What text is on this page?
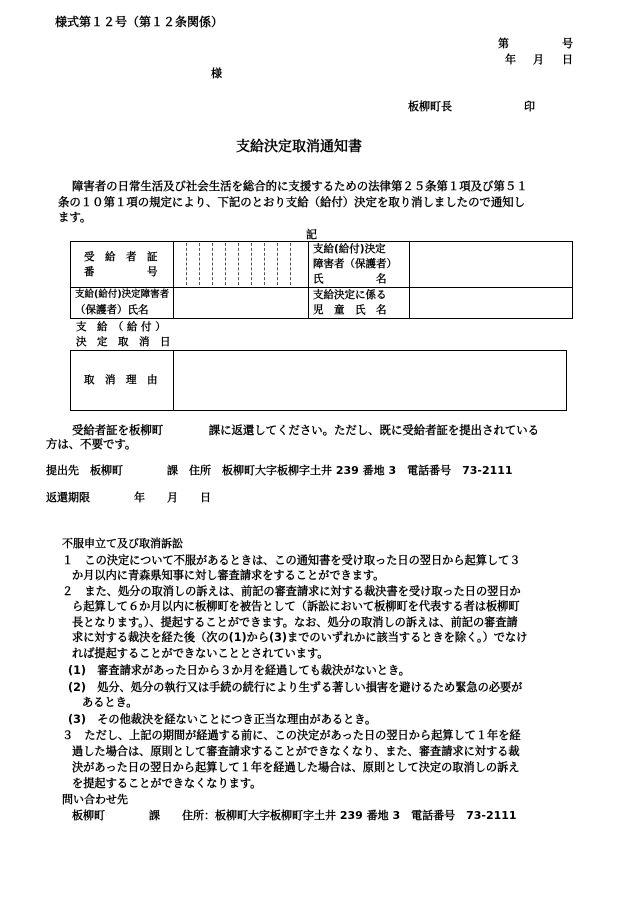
様式第１２号（第１２条関係）
第	号
年 月 日
様
板柳町長	印
支給決定取消通知書
障害者の日常生活及び社会生活を総合的に支援するための法律第２５条第１項及び第５１
条の１０第１項の規定により、下記のとおり支給（給付）決定を取り消しましたので通知し
ます。
記
受　給　者　証
番　　　　　号
支給(給付)決定
障害者（保護者）
氏　　　　　名
支給(給付)決定障害者
（保護者）氏名
支給決定に係る
児　童　氏　名
支　給　（ 給 付 ）
決　定　取　消　日
取　消　理　由
受給者証を板柳町　　　　課に返還してください。ただし、既に受給者証を提出されている
方は、不要です。
提出先　板柳町　　　　課　住所　板柳町大字板柳字土井 239 番地 3　電話番号　73-2111
返還期限　　　　年　　月　　日
不服申立て及び取消訴訟
１　この決定について不服があるときは、この通知書を受け取った日の翌日から起算して３
か月以内に青森県知事に対し審査請求をすることができます。
２　また、処分の取消しの訴えは、前記の審査請求に対する裁決書を受け取った日の翌日か
ら起算して６か月以内に板柳町を被告として（訴訟において板柳町を代表する者は板柳町
長となります。）、提起することができます。なお、処分の取消しの訴えは、前記の審査請
求に対する裁決を経た後（次の(1)から(3)までのいずれかに該当するときを除く。）でなけ
れば提起することができないこととされています。
(1)　審査請求があった日から３か月を経過しても裁決がないとき。
(2)　処分、処分の執行又は手続の続行により生ずる著しい損害を避けるため緊急の必要が
あるとき。
(3)　その他裁決を経ないことにつき正当な理由があるとき。
３　ただし、上記の期間が経過する前に、この決定があった日の翌日から起算して１年を経
過した場合は、原則として審査請求することができなくなり、また、審査請求に対する裁
決があった日の翌日から起算して１年を経過した場合は、原則として決定の取消しの訴え
を提起することができなくなります。
問い合わせ先
板柳町　　　　課　　住所：板柳町大字板柳町字土井 239 番地 3　電話番号　73-2111
